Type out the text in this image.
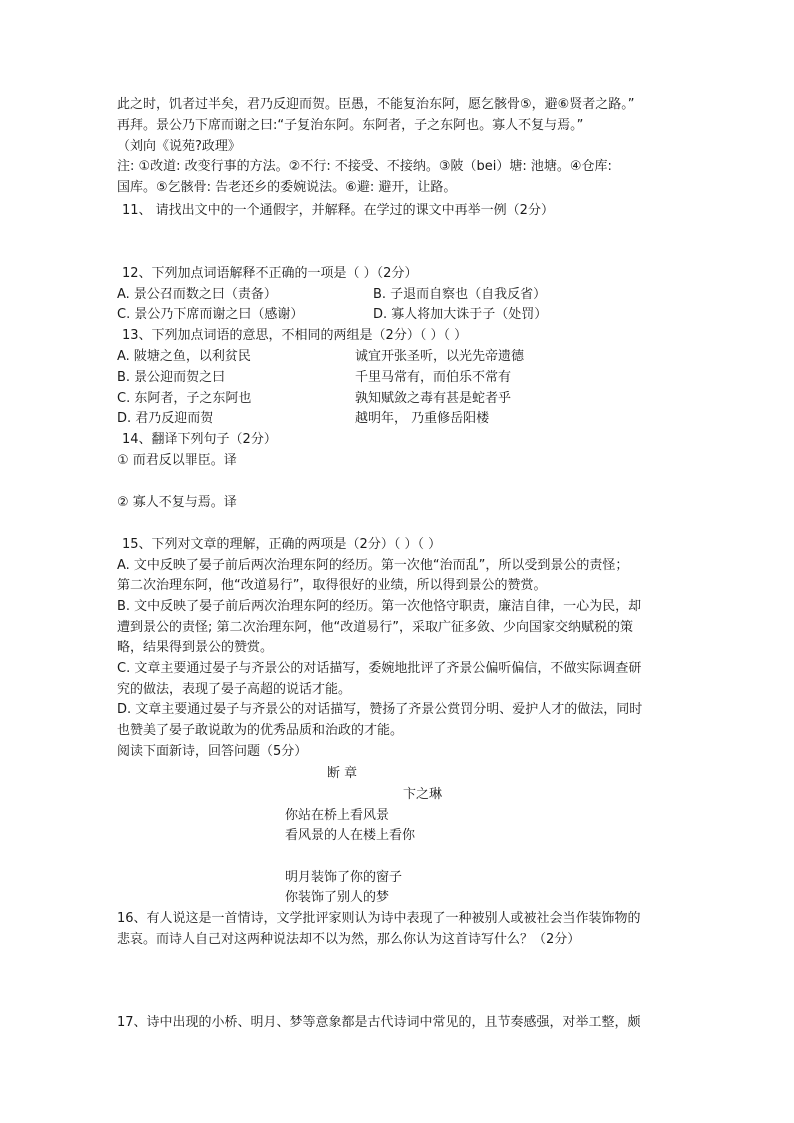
此之时，饥者过半矣，君乃反迎而贺。臣愚，不能复治东阿，愿乞骸骨⑤，避⑥贤者之路。”
再拜。景公乃下席而谢之曰:“子复治东阿。东阿者，子之东阿也。寡人不复与焉。”
（刘向《说苑?政理》
注: ①改道: 改变行事的方法。②不行: 不接受、不接纳。③陂（bei）塘: 池塘。④仓库:
国库。⑤乞骸骨: 告老还乡的委婉说法。⑥避: 避开，让路。
11、 请找出文中的一个通假字，并解释。在学过的课文中再举一例（2分）
12、下列加点词语解释不正确的一项是（ ）（2分）
A. 景公召而数之曰（责备）	B. 子退而自察也（自我反省）
C. 景公乃下席而谢之曰（感谢）	D. 寡人将加大诛于子（处罚）
13、下列加点词语的意思，不相同的两组是（2分）（ ）（ ）
A. 陂塘之鱼，以利贫民	诚宜开张圣听，以光先帝遗德
B. 景公迎而贺之曰	千里马常有，而伯乐不常有
C. 东阿者，子之东阿也	孰知赋敛之毒有甚是蛇者乎
D. 君乃反迎而贺	越明年， 乃重修岳阳楼
14、翻译下列句子（2分）
① 而君反以罪臣。译
② 寡人不复与焉。译
15、下列对文章的理解，正确的两项是（2分）（ ）（ ）
A. 文中反映了晏子前后两次治理东阿的经历。第一次他“治而乱”，所以受到景公的责怪；
第二次治理东阿，他“改道易行”，取得很好的业绩，所以得到景公的赞赏。
B. 文中反映了晏子前后两次治理东阿的经历。第一次他恪守职责，廉洁自律，一心为民，却
遭到景公的责怪; 第二次治理东阿，他“改道易行”，采取广征多敛、少向国家交纳赋税的策
略，结果得到景公的赞赏。
C. 文章主要通过晏子与齐景公的对话描写，委婉地批评了齐景公偏听偏信，不做实际调查研
究的做法，表现了晏子高超的说话才能。
D. 文章主要通过晏子与齐景公的对话描写，赞扬了齐景公赏罚分明、爱护人才的做法，同时
也赞美了晏子敢说敢为的优秀品质和治政的才能。
阅读下面新诗，回答问题（5分）
断 章
卞之琳
你站在桥上看风景
看风景的人在楼上看你
明月装饰了你的窗子
你装饰了别人的梦
16、有人说这是一首情诗，文学批评家则认为诗中表现了一种被别人或被社会当作装饰物的
悲哀。而诗人自己对这两种说法却不以为然，那么你认为这首诗写什么？（2分）
17、诗中出现的小桥、明月、梦等意象都是古代诗词中常见的，且节奏感强，对举工整，颇
